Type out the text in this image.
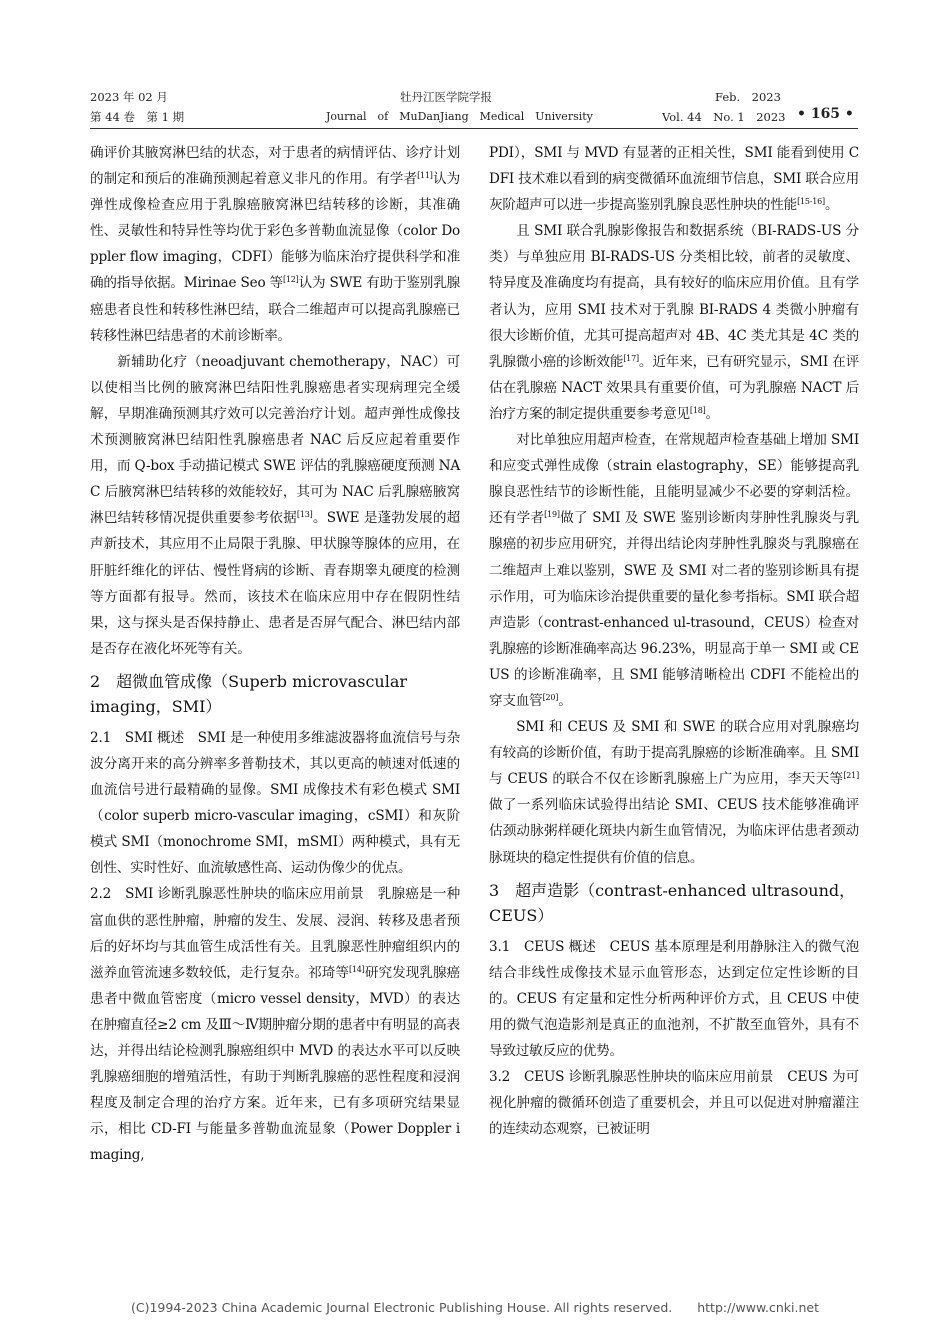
2023 年 02 月
第 44 卷　第 1 期
牡丹江医学院学报
Journal　of　MuDanJiang　Medical　University
Feb.　2023
Vol. 44　No. 1　2023 • 165 •

确评价其腋窝淋巴结的状态，对于患者的病情评估、诊疗计划的制定和预后的准确预测起着意义非凡的作用。有学者[11]认为弹性成像检查应用于乳腺癌腋窝淋巴结转移的诊断，其准确性、灵敏性和特异性等均优于彩色多普勒血流显像（color Doppler flow imaging，CDFI）能够为临床治疗提供科学和准确的指导依据。Mirinae Seo 等[12]认为 SWE 有助于鉴别乳腺癌患者良性和转移性淋巴结，联合二维超声可以提高乳腺癌已转移性淋巴结患者的术前诊断率。

新辅助化疗（neoadjuvant chemotherapy，NAC）可以使相当比例的腋窝淋巴结阳性乳腺癌患者实现病理完全缓解，早期准确预测其疗效可以完善治疗计划。超声弹性成像技术预测腋窝淋巴结阳性乳腺癌患者 NAC 后反应起着重要作用，而 Q-box 手动描记模式 SWE 评估的乳腺癌硬度预测 NAC 后腋窝淋巴结转移的效能较好，其可为 NAC 后乳腺癌腋窝淋巴结转移情况提供重要参考依据[13]。SWE 是蓬勃发展的超声新技术，其应用不止局限于乳腺、甲状腺等腺体的应用，在肝脏纤维化的评估、慢性肾病的诊断、青春期睾丸硬度的检测等方面都有报导。然而，该技术在临床应用中存在假阴性结果，这与探头是否保持静止、患者是否屏气配合、淋巴结内部是否存在液化坏死等有关。

2　超微血管成像（Superb microvascular imaging，SMI）

2.1　SMI 概述　SMI 是一种使用多维滤波器将血流信号与杂波分离开来的高分辨率多普勒技术，其以更高的帧速对低速的血流信号进行最精确的显像。SMI 成像技术有彩色模式 SMI（color superb micro-vascular imaging，cSMI）和灰阶模式 SMI（monochrome SMI，mSMI）两种模式，具有无创性、实时性好、血流敏感性高、运动伪像少的优点。

2.2　SMI 诊断乳腺恶性肿块的临床应用前景　乳腺癌是一种富血供的恶性肿瘤，肿瘤的发生、发展、浸润、转移及患者预后的好坏均与其血管生成活性有关。且乳腺恶性肿瘤组织内的滋养血管流速多数较低，走行复杂。祁琦等[14]研究发现乳腺癌患者中微血管密度（micro vessel density，MVD）的表达在肿瘤直径≥2 cm 及Ⅲ～Ⅳ期肿瘤分期的患者中有明显的高表达，并得出结论检测乳腺癌组织中 MVD 的表达水平可以反映乳腺癌细胞的增殖活性，有助于判断乳腺癌的恶性程度和浸润程度及制定合理的治疗方案。近年来，已有多项研究结果显示，相比 CD-FI 与能量多普勒血流显象（Power Doppler imaging,

PDI），SMI 与 MVD 有显著的正相关性，SMI 能看到使用 CDFI 技术难以看到的病变微循环血流细节信息，SMI 联合应用灰阶超声可以进一步提高鉴别乳腺良恶性肿块的性能[15-16]。

且 SMI 联合乳腺影像报告和数据系统（BI-RADS-US 分类）与单独应用 BI-RADS-US 分类相比较，前者的灵敏度、特异度及准确度均有提高，具有较好的临床应用价值。且有学者认为，应用 SMI 技术对于乳腺 BI-RADS 4 类微小肿瘤有很大诊断价值，尤其可提高超声对 4B、4C 类尤其是 4C 类的乳腺微小癌的诊断效能[17]。近年来，已有研究显示，SMI 在评估在乳腺癌 NACT 效果具有重要价值，可为乳腺癌 NACT 后治疗方案的制定提供重要参考意见[18]。

对比单独应用超声检查，在常规超声检查基础上增加 SMI 和应变式弹性成像（strain elastography，SE）能够提高乳腺良恶性结节的诊断性能，且能明显减少不必要的穿刺活检。还有学者[19]做了 SMI 及 SWE 鉴别诊断肉芽肿性乳腺炎与乳腺癌的初步应用研究，并得出结论肉芽肿性乳腺炎与乳腺癌在二维超声上难以鉴别，SWE 及 SMI 对二者的鉴别诊断具有提示作用，可为临床诊治提供重要的量化参考指标。SMI 联合超声造影（contrast-enhanced ul-trasound，CEUS）检查对乳腺癌的诊断准确率高达 96.23%，明显高于单一 SMI 或 CEUS 的诊断准确率，且 SMI 能够清晰检出 CDFI 不能检出的穿支血管[20]。

SMI 和 CEUS 及 SMI 和 SWE 的联合应用对乳腺癌均有较高的诊断价值，有助于提高乳腺癌的诊断准确率。且 SMI 与 CEUS 的联合不仅在诊断乳腺癌上广为应用，李天天等[21]做了一系列临床试验得出结论 SMI、CEUS 技术能够准确评估颈动脉粥样硬化斑块内新生血管情况，为临床评估患者颈动脉斑块的稳定性提供有价值的信息。

3　超声造影（contrast-enhanced ultrasound，CEUS）

3.1　CEUS 概述　CEUS 基本原理是利用静脉注入的微气泡结合非线性成像技术显示血管形态，达到定位定性诊断的目的。CEUS 有定量和定性分析两种评价方式，且 CEUS 中使用的微气泡造影剂是真正的血池剂，不扩散至血管外，具有不导致过敏反应的优势。

3.2　CEUS 诊断乳腺恶性肿块的临床应用前景　CEUS 为可视化肿瘤的微循环创造了重要机会，并且可以促进对肿瘤灌注的连续动态观察，已被证明

(C)1994-2023 China Academic Journal Electronic Publishing House. All rights reserved.　　http://www.cnki.net
